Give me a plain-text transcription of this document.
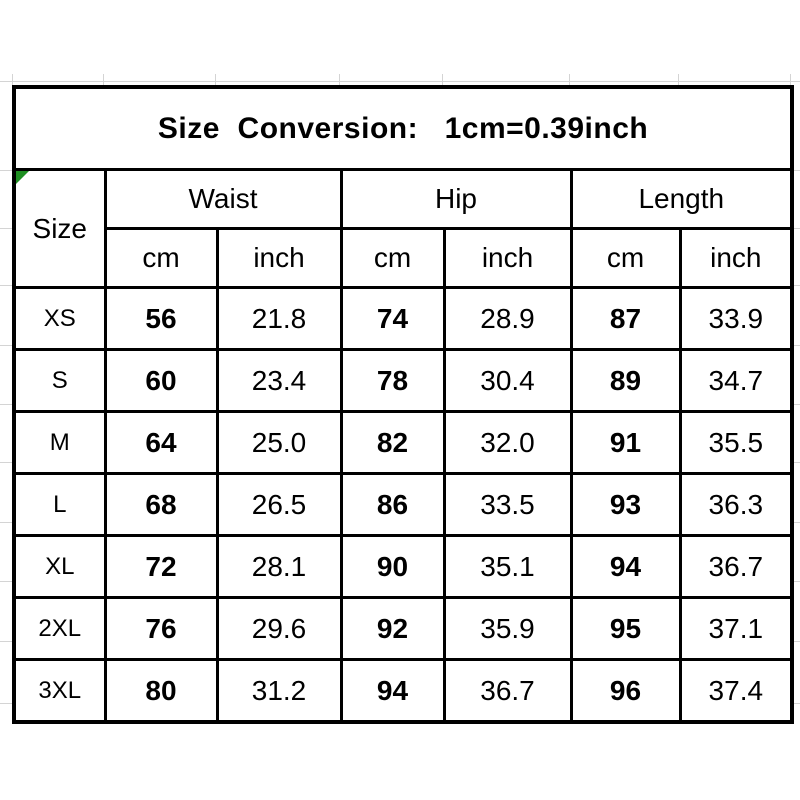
Size  Conversion:   1cm=0.39inch						

Size	Waist		Hip		Length	
	cm	inch	cm	inch	cm	inch
XS	56	21.8	74	28.9	87	33.9
S	60	23.4	78	30.4	89	34.7
M	64	25.0	82	32.0	91	35.5
L	68	26.5	86	33.5	93	36.3
XL	72	28.1	90	35.1	94	36.7
2XL	76	29.6	92	35.9	95	37.1
3XL	80	31.2	94	36.7	96	37.4
